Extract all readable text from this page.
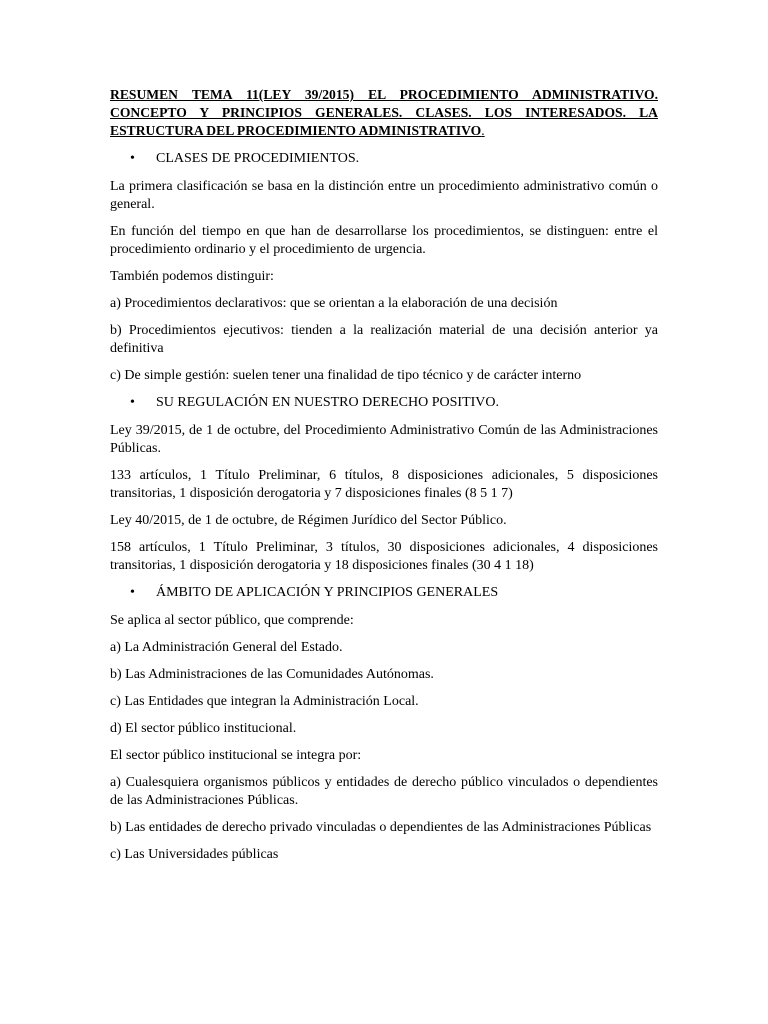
RESUMEN TEMA 11(LEY 39/2015) EL PROCEDIMIENTO ADMINISTRATIVO. CONCEPTO Y PRINCIPIOS GENERALES. CLASES. LOS INTERESADOS. LA ESTRUCTURA DEL PROCEDIMIENTO ADMINISTRATIVO.

• CLASES DE PROCEDIMIENTOS.

La primera clasificación se basa en la distinción entre un procedimiento administrativo común o general.

En función del tiempo en que han de desarrollarse los procedimientos, se distinguen: entre el procedimiento ordinario y el procedimiento de urgencia.

También podemos distinguir:

a) Procedimientos declarativos: que se orientan a la elaboración de una decisión

b) Procedimientos ejecutivos: tienden a la realización material de una decisión anterior ya definitiva

c) De simple gestión: suelen tener una finalidad de tipo técnico y de carácter interno

• SU REGULACIÓN EN NUESTRO DERECHO POSITIVO.

Ley 39/2015, de 1 de octubre, del Procedimiento Administrativo Común de las Administraciones Públicas.

133 artículos, 1 Título Preliminar, 6 títulos, 8 disposiciones adicionales, 5 disposiciones transitorias, 1 disposición derogatoria y 7 disposiciones finales (8 5 1 7)

Ley 40/2015, de 1 de octubre, de Régimen Jurídico del Sector Público.

158 artículos, 1 Título Preliminar, 3 títulos, 30 disposiciones adicionales, 4 disposiciones transitorias, 1 disposición derogatoria y 18 disposiciones finales (30 4 1 18)

• ÁMBITO DE APLICACIÓN Y PRINCIPIOS GENERALES

Se aplica al sector público, que comprende:

a) La Administración General del Estado.

b) Las Administraciones de las Comunidades Autónomas.

c) Las Entidades que integran la Administración Local.

d) El sector público institucional.

El sector público institucional se integra por:

a) Cualesquiera organismos públicos y entidades de derecho público vinculados o dependientes de las Administraciones Públicas.

b) Las entidades de derecho privado vinculadas o dependientes de las Administraciones Públicas

c) Las Universidades públicas
